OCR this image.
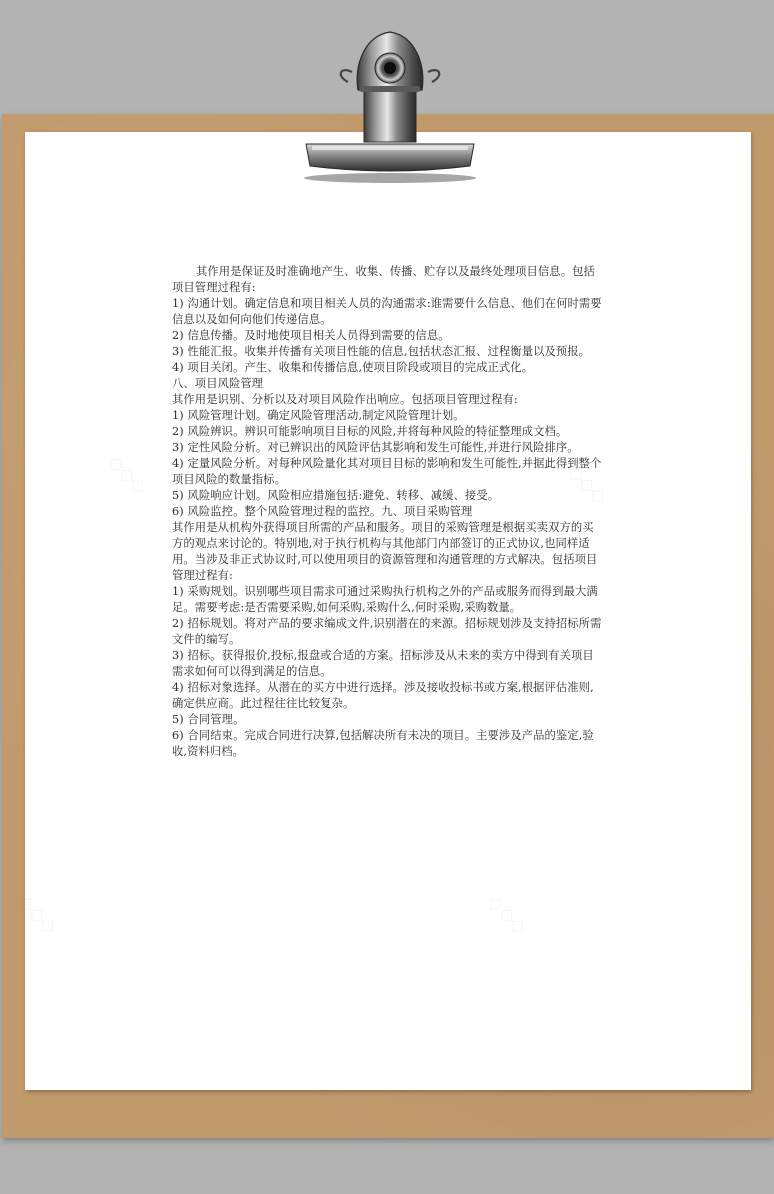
其作用是保证及时准确地产生、收集、传播、贮存以及最终处理项目信息。包括项目管理过程有:

1) 沟通计划。确定信息和项目相关人员的沟通需求:谁需要什么信息、他们在何时需要信息以及如何向他们传递信息。

2) 信息传播。及时地使项目相关人员得到需要的信息。

3) 性能汇报。收集并传播有关项目性能的信息,包括状态汇报、过程衡量以及预报。

4) 项目关闭。产生、收集和传播信息,使项目阶段或项目的完成正式化。

八、项目风险管理

其作用是识别、分析以及对项目风险作出响应。包括项目管理过程有:

1) 风险管理计划。确定风险管理活动,制定风险管理计划。

2) 风险辨识。辨识可能影响项目目标的风险,并将每种风险的特征整理成文档。

3) 定性风险分析。对已辨识出的风险评估其影响和发生可能性,并进行风险排序。

4) 定量风险分析。对每种风险量化其对项目目标的影响和发生可能性,并据此得到整个项目风险的数量指标。

5) 风险响应计划。风险相应措施包括:避免、转移、减缓、接受。

6) 风险监控。整个风险管理过程的监控。九、项目采购管理

其作用是从机构外获得项目所需的产品和服务。项目的采购管理是根据买卖双方的买方的观点来讨论的。特别地,对于执行机构与其他部门内部签订的正式协议,也同样适用。当涉及非正式协议时,可以使用项目的资源管理和沟通管理的方式解决。包括项目管理过程有:

1) 采购规划。识别哪些项目需求可通过采购执行机构之外的产品或服务而得到最大满足。需要考虑:是否需要采购,如何采购,采购什么,何时采购,采购数量。

2) 招标规划。将对产品的要求编成文件,识别潜在的来源。招标规划涉及支持招标所需文件的编写。

3) 招标。获得报价,投标,报盘或合适的方案。招标涉及从未来的卖方中得到有关项目需求如何可以得到满足的信息。

4) 招标对象选择。从潜在的买方中进行选择。涉及接收投标书或方案,根据评估准则,确定供应商。此过程往往比较复杂。

5) 合同管理。

6) 合同结束。完成合同进行决算,包括解决所有未决的项目。主要涉及产品的鉴定,验收,资料归档。
